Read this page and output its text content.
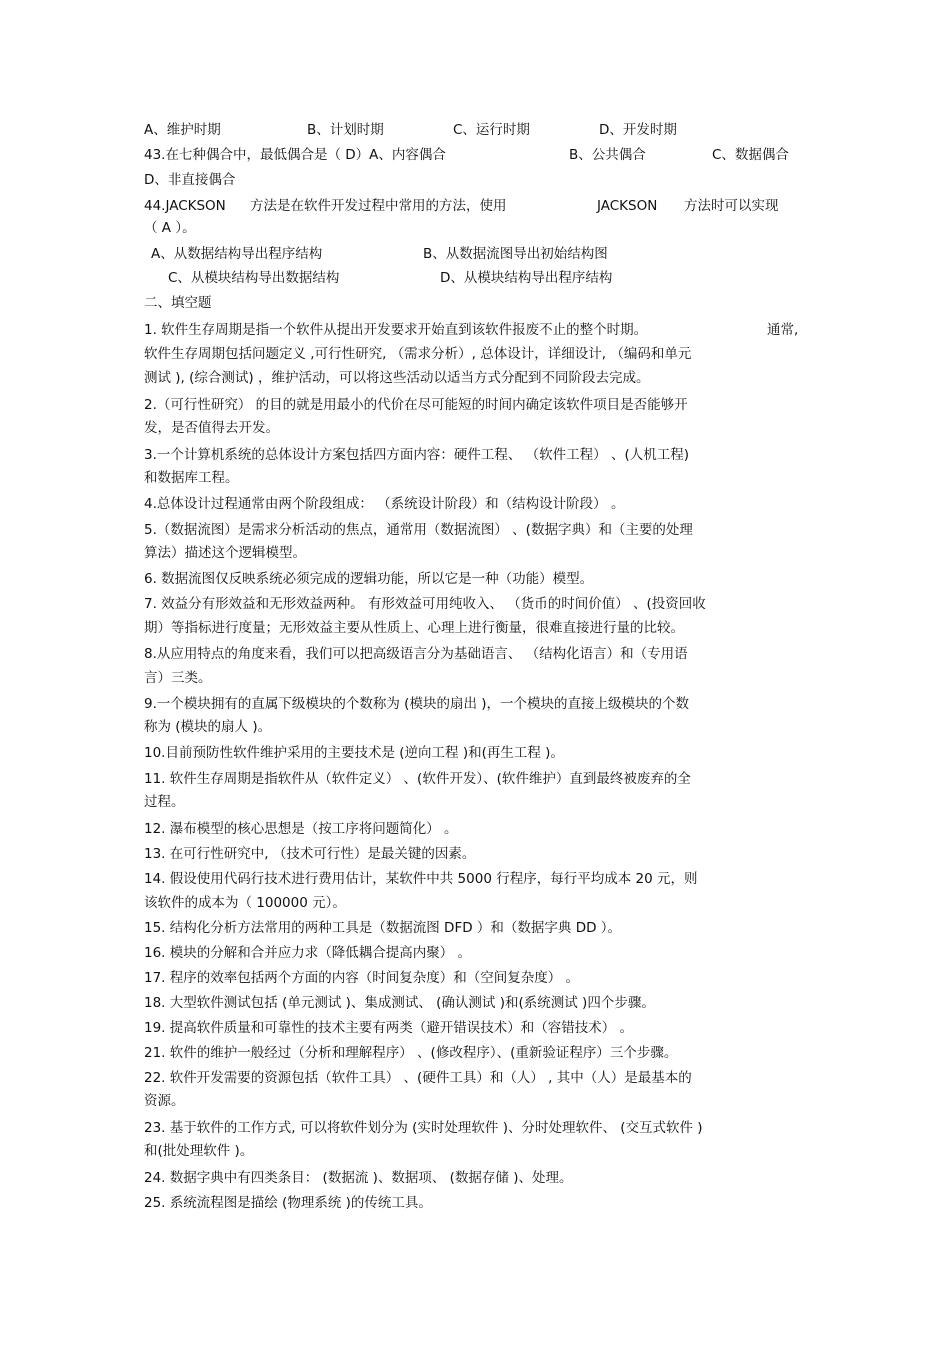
A、维护时期	B、计划时期	C、运行时期	D、开发时期
43.在七种偶合中，最低偶合是（ D）A、内容偶合	B、公共偶合	C、数据偶合
D、非直接偶合
44.JACKSON 方法是在软件开发过程中常用的方法，使用	JACKSON 方法时可以实现
（ A ）。
A、从数据结构导出程序结构	B、从数据流图导出初始结构图
C、从模块结构导出数据结构	D、从模块结构导出程序结构
二、填空题
1. 软件生存周期是指一个软件从提出开发要求开始直到该软件报废不止的整个时期。	通常,
软件生存周期包括问题定义 ,可行性研究, （需求分析）, 总体设计，详细设计, （编码和单元
测试 ), (综合测试) ，维护活动，可以将这些活动以适当方式分配到不同阶段去完成。
2.（可行性研究） 的目的就是用最小的代价在尽可能短的时间内确定该软件项目是否能够开
发，是否值得去开发。
3.一个计算机系统的总体设计方案包括四方面内容：硬件工程、 （软件工程） 、(人机工程)
和数据库工程。
4.总体设计过程通常由两个阶段组成： （系统设计阶段）和（结构设计阶段） 。
5.（数据流图）是需求分析活动的焦点，通常用（数据流图） 、(数据字典）和（主要的处理
算法）描述这个逻辑模型。
6. 数据流图仅反映系统必须完成的逻辑功能，所以它是一种（功能）模型。
7. 效益分有形效益和无形效益两种。 有形效益可用纯收入、 （货币的时间价值） 、(投资回收
期）等指标进行度量；无形效益主要从性质上、心理上进行衡量，很难直接进行量的比较。
8.从应用特点的角度来看，我们可以把高级语言分为基础语言、 （结构化语言）和（专用语
言）三类。
9.一个模块拥有的直属下级模块的个数称为 (模块的扇出 )，一个模块的直接上级模块的个数
称为 (模块的扇人 )。
10.目前预防性软件维护采用的主要技术是 (逆向工程 )和(再生工程 )。
11. 软件生存周期是指软件从（软件定义） 、(软件开发）、(软件维护）直到最终被废弃的全
过程。
12. 瀑布模型的核心思想是（按工序将问题简化） 。
13. 在可行性研究中, （技术可行性）是最关键的因素。
14. 假设使用代码行技术进行费用估计，某软件中共 5000 行程序，每行平均成本 20 元，则
该软件的成本为（ 100000 元）。
15. 结构化分析方法常用的两种工具是（数据流图 DFD ）和（数据字典 DD ）。
16. 模块的分解和合并应力求（降低耦合提高内聚） 。
17. 程序的效率包括两个方面的内容（时间复杂度）和（空间复杂度） 。
18. 大型软件测试包括 (单元测试 )、集成测试、 (确认测试 )和(系统测试 )四个步骤。
19. 提高软件质量和可靠性的技术主要有两类（避开错误技术）和（容错技术） 。
21. 软件的维护一般经过（分析和理解程序） 、(修改程序）、(重新验证程序）三个步骤。
22. 软件开发需要的资源包括（软件工具） 、(硬件工具）和（人） , 其中（人）是最基本的
资源。
23. 基于软件的工作方式, 可以将软件划分为 (实时处理软件 )、分时处理软件、 (交互式软件 )
和(批处理软件 )。
24. 数据字典中有四类条目： (数据流 )、数据项、 (数据存储 )、处理。
25. 系统流程图是描绘 (物理系统 )的传统工具。
